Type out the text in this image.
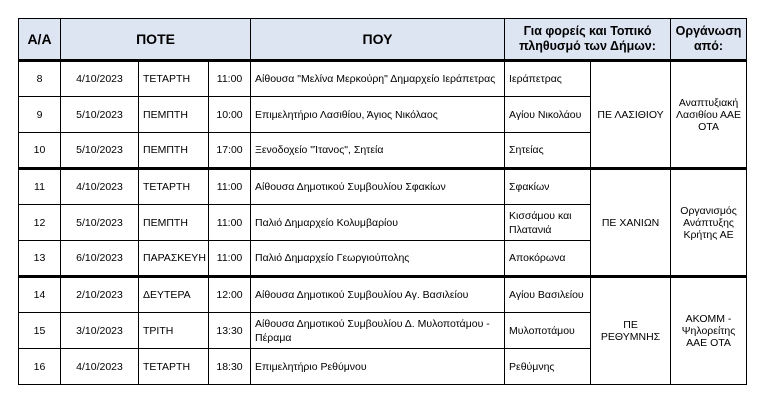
Α/Α	ΠΟΤΕ			ΠΟΥ	Για φορείς και Τοπικό πληθυσμό των Δήμων:		Οργάνωση από:
8	4/10/2023	ΤΕΤΑΡΤΗ	11:00	Αίθουσα "Μελίνα Μερκούρη" Δημαρχείο Ιεράπετρας	Ιεράπετρας	ΠΕ ΛΑΣΙΘΙΟΥ	Αναπτυξιακή Λασιθίου ΑΑΕ ΟΤΑ
9	5/10/2023	ΠΕΜΠΤΗ	10:00	Επιμελητήριο Λασιθίου, Άγιος Νικόλαος	Αγίου Νικολάου		
10	5/10/2023	ΠΕΜΠΤΗ	17:00	Ξενοδοχείο "Ίτανος", Σητεία	Σητείας		
11	4/10/2023	ΤΕΤΑΡΤΗ	11:00	Αίθουσα Δημοτικού Συμβουλίου Σφακίων	Σφακίων	ΠΕ ΧΑΝΙΩΝ	Οργανισμός Ανάπτυξης Κρήτης ΑΕ
12	5/10/2023	ΠΕΜΠΤΗ	11:00	Παλιό Δημαρχείο Κολυμβαρίου	Κισσάμου και Πλατανιά		
13	6/10/2023	ΠΑΡΑΣΚΕΥΗ	11:00	Παλιό Δημαρχείο Γεωργιούπολης	Αποκόρωνα		
14	2/10/2023	ΔΕΥΤΕΡΑ	12:00	Αίθουσα Δημοτικού Συμβουλίου Αγ. Βασιλείου	Αγίου Βασιλείου	ΠΕ ΡΕΘΥΜΝΗΣ	ΑΚΟΜΜ - Ψηλορείτης ΑΑΕ ΟΤΑ
15	3/10/2023	ΤΡΙΤΗ	13:30	Αίθουσα Δημοτικού Συμβουλίου Δ. Μυλοποτάμου - Πέραμα	Μυλοποτάμου		
16	4/10/2023	ΤΕΤΑΡΤΗ	18:30	Επιμελητήριο Ρεθύμνου	Ρεθύμνης		
